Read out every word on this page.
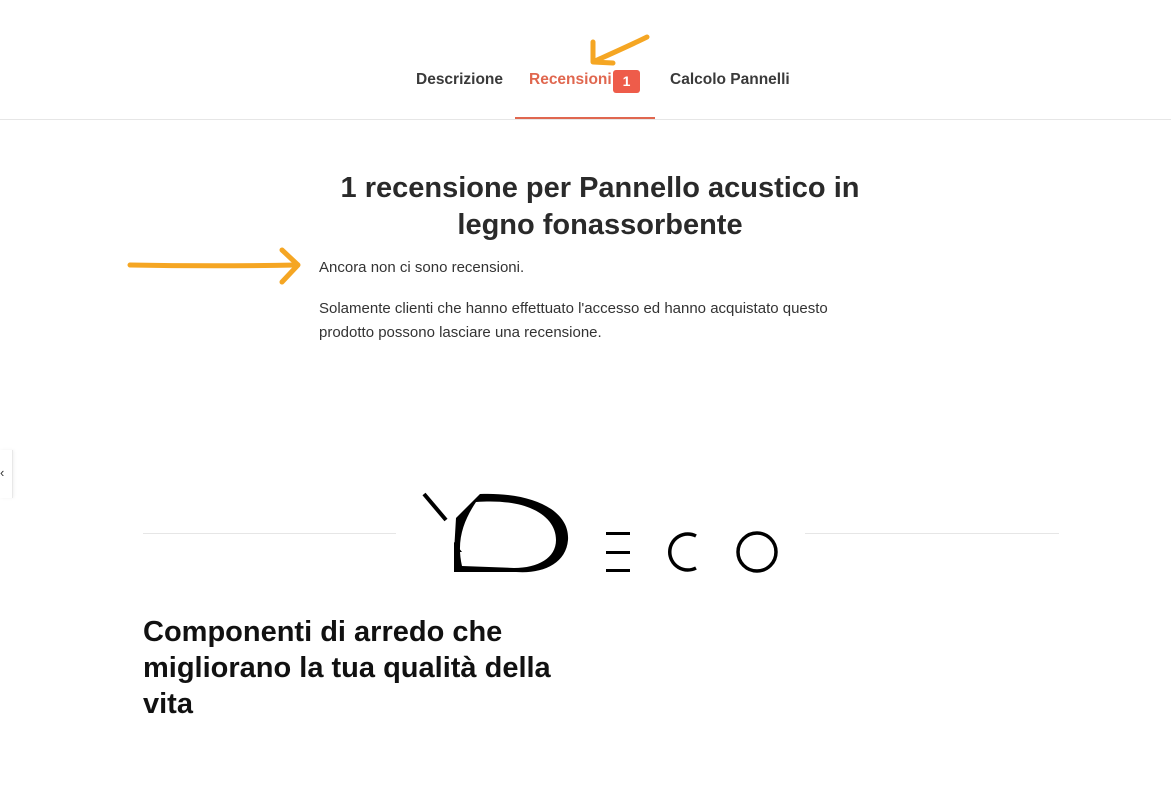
Descrizione Recensioni 1	Calcolo Pannelli
1 recensione per Pannello acustico in legno fonassorbente

Ancora non ci sono recensioni.

Solamente clienti che hanno effettuato l'accesso ed hanno acquistato questo prodotto possono lasciare una recensione.

‹
Componenti di arredo che migliorano la tua qualità della vita
